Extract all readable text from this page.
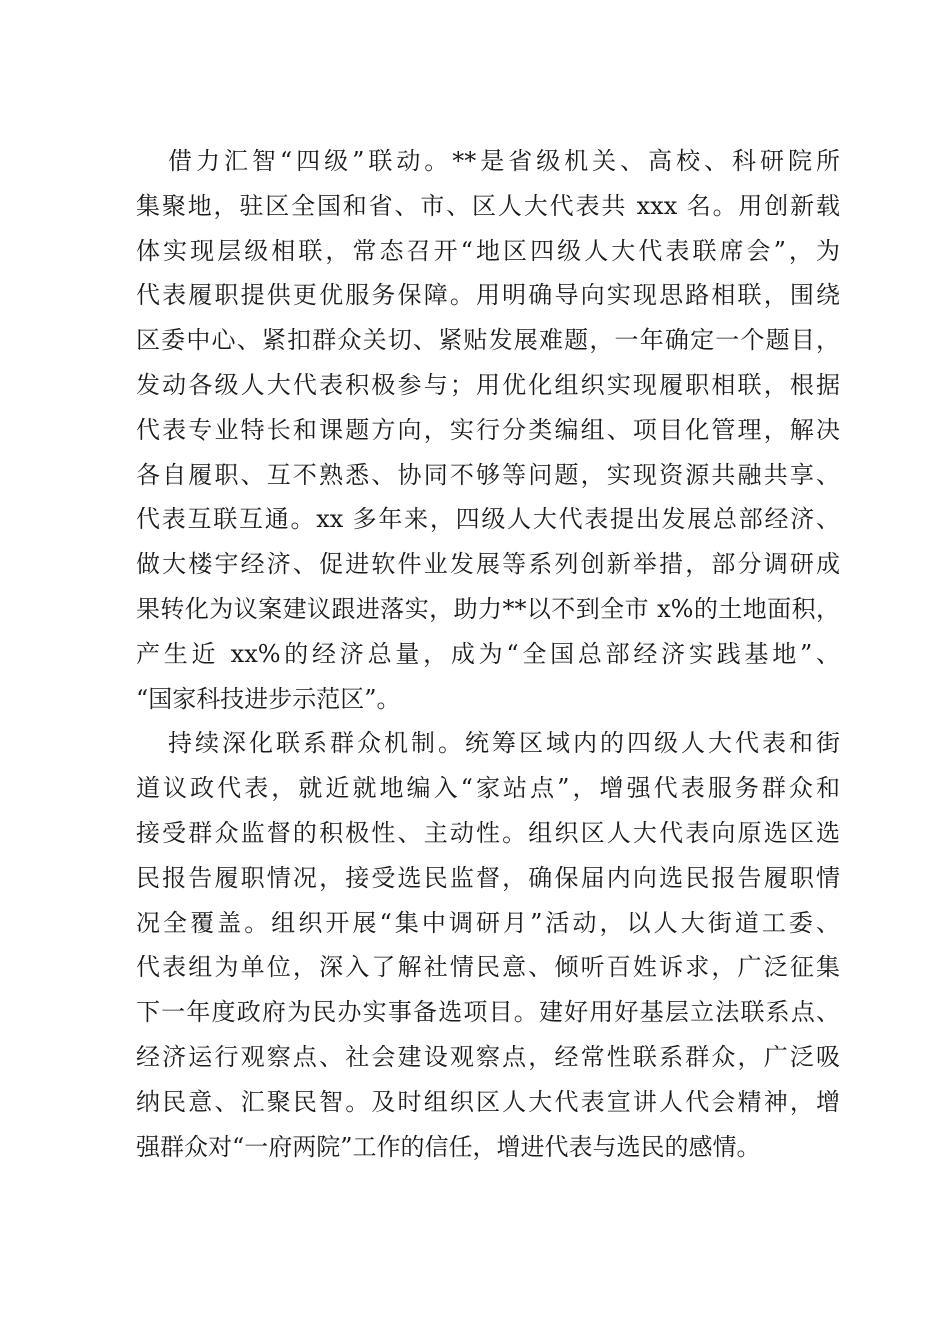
借力汇智“四级”联动。**是省级机关、高校、科研院所
集聚地，驻区全国和省、市、区人大代表共 xxx 名。用创新载
体实现层级相联，常态召开“地区四级人大代表联席会”，为
代表履职提供更优服务保障。用明确导向实现思路相联，围绕
区委中心、紧扣群众关切、紧贴发展难题，一年确定一个题目，
发动各级人大代表积极参与；用优化组织实现履职相联，根据
代表专业特长和课题方向，实行分类编组、项目化管理，解决
各自履职、互不熟悉、协同不够等问题，实现资源共融共享、
代表互联互通。xx 多年来，四级人大代表提出发展总部经济、
做大楼宇经济、促进软件业发展等系列创新举措，部分调研成
果转化为议案建议跟进落实，助力**以不到全市 x%的土地面积，
产生近 xx%的经济总量，成为“全国总部经济实践基地”、
“国家科技进步示范区”。
持续深化联系群众机制。统筹区域内的四级人大代表和街
道议政代表，就近就地编入“家站点”，增强代表服务群众和
接受群众监督的积极性、主动性。组织区人大代表向原选区选
民报告履职情况，接受选民监督，确保届内向选民报告履职情
况全覆盖。组织开展“集中调研月”活动，以人大街道工委、
代表组为单位，深入了解社情民意、倾听百姓诉求，广泛征集
下一年度政府为民办实事备选项目。建好用好基层立法联系点、
经济运行观察点、社会建设观察点，经常性联系群众，广泛吸
纳民意、汇聚民智。及时组织区人大代表宣讲人代会精神，增
强群众对“一府两院”工作的信任，增进代表与选民的感情。
